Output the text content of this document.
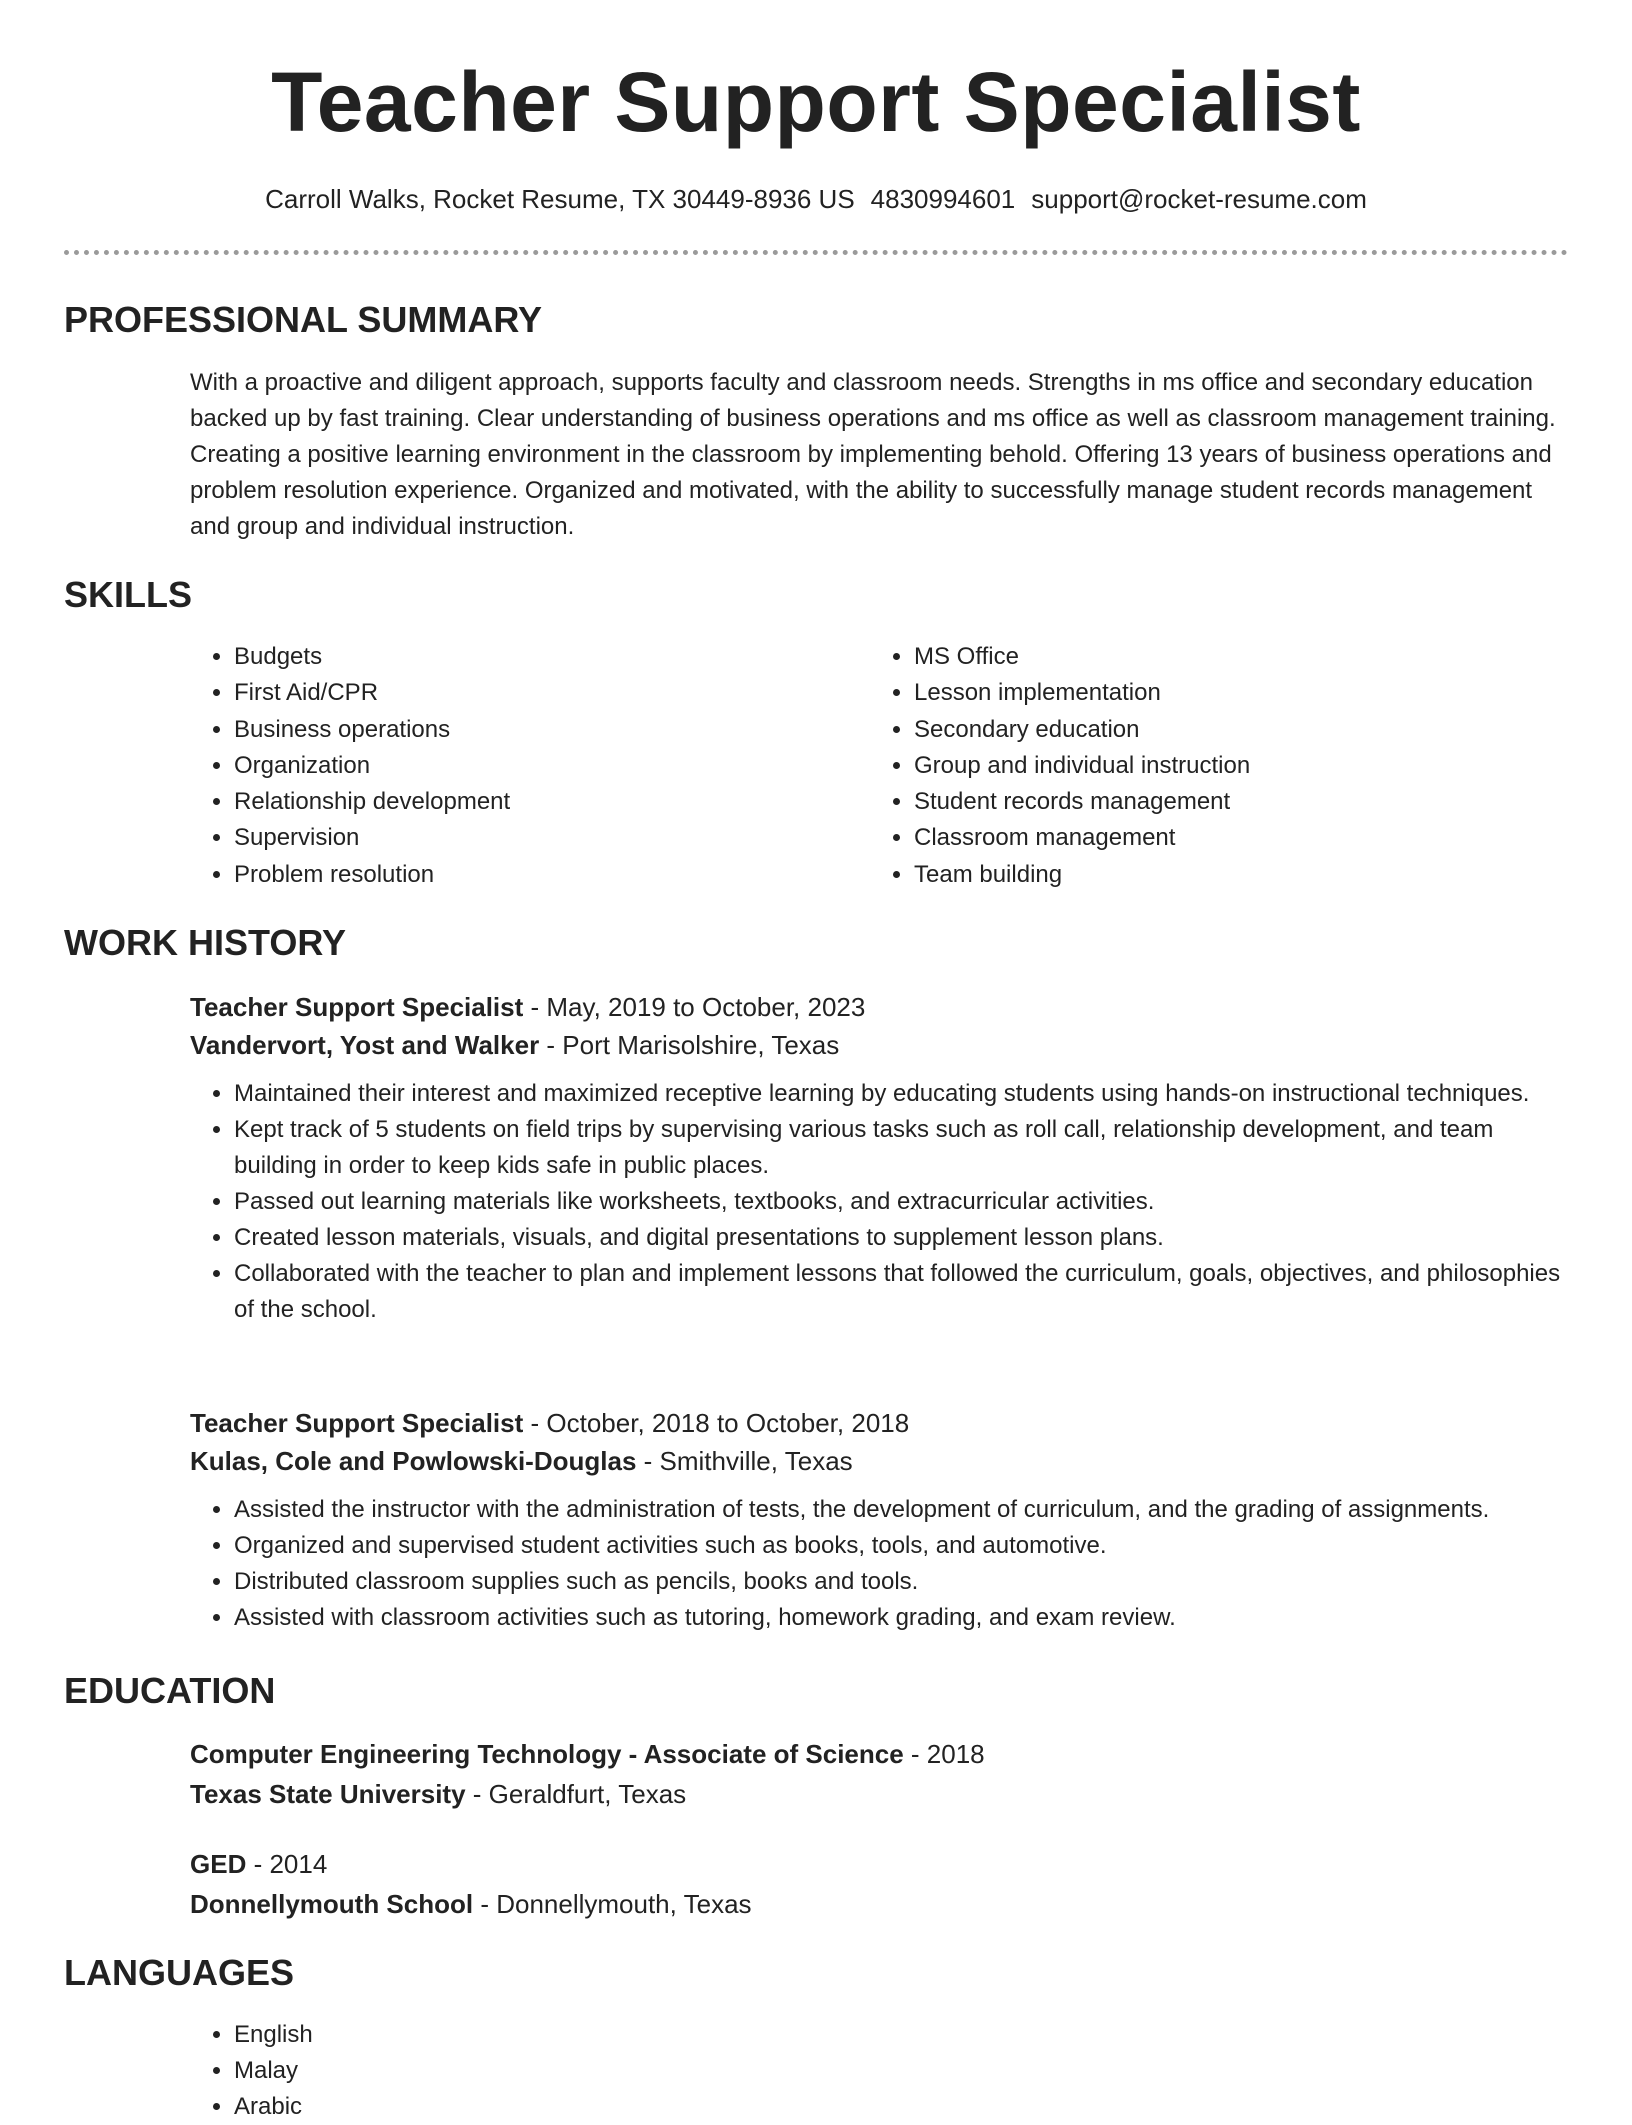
Teacher Support Specialist
Carroll Walks, Rocket Resume, TX 30449-8936 US 4830994601 support@rocket-resume.com
PROFESSIONAL SUMMARY
With a proactive and diligent approach, supports faculty and classroom needs. Strengths in ms office and secondary education backed up by fast training. Clear understanding of business operations and ms office as well as classroom management training. Creating a positive learning environment in the classroom by implementing behold. Offering 13 years of business operations and problem resolution experience. Organized and motivated, with the ability to successfully manage student records management and group and individual instruction.
SKILLS
• Budgets
• First Aid/CPR
• Business operations
• Organization
• Relationship development
• Supervision
• Problem resolution
• MS Office
• Lesson implementation
• Secondary education
• Group and individual instruction
• Student records management
• Classroom management
• Team building
WORK HISTORY
Teacher Support Specialist - May, 2019 to October, 2023
Vandervort, Yost and Walker - Port Marisolshire, Texas
• Maintained their interest and maximized receptive learning by educating students using hands-on instructional techniques.
• Kept track of 5 students on field trips by supervising various tasks such as roll call, relationship development, and team building in order to keep kids safe in public places.
• Passed out learning materials like worksheets, textbooks, and extracurricular activities.
• Created lesson materials, visuals, and digital presentations to supplement lesson plans.
• Collaborated with the teacher to plan and implement lessons that followed the curriculum, goals, objectives, and philosophies of the school.
Teacher Support Specialist - October, 2018 to October, 2018
Kulas, Cole and Powlowski-Douglas - Smithville, Texas
• Assisted the instructor with the administration of tests, the development of curriculum, and the grading of assignments.
• Organized and supervised student activities such as books, tools, and automotive.
• Distributed classroom supplies such as pencils, books and tools.
• Assisted with classroom activities such as tutoring, homework grading, and exam review.
EDUCATION
Computer Engineering Technology - Associate of Science - 2018
Texas State University - Geraldfurt, Texas
GED - 2014
Donnellymouth School - Donnellymouth, Texas
LANGUAGES
• English
• Malay
• Arabic
